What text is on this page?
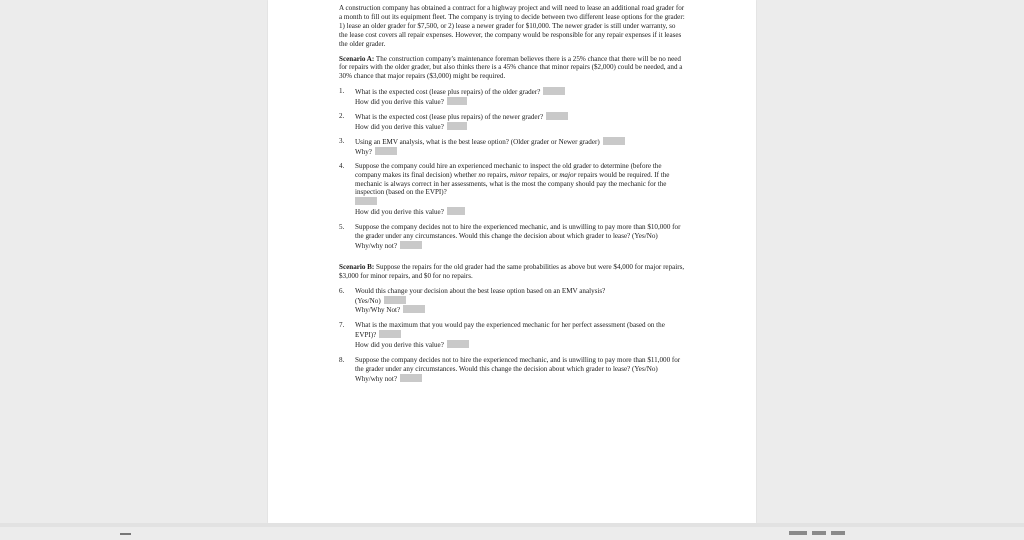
A construction company has obtained a contract for a highway project and will need to lease an additional road grader for a month to fill out its equipment fleet. The company is trying to decide between two different lease options for the grader: 1) lease an older grader for $7,500, or 2) lease a newer grader for $10,000. The newer grader is still under warranty, so the lease cost covers all repair expenses. However, the company would be responsible for any repair expenses if it leases the older grader.

Scenario A: The construction company's maintenance foreman believes there is a 25% chance that there will be no need for repairs with the older grader, but also thinks there is a 45% chance that minor repairs ($2,000) could be needed, and a 30% chance that major repairs ($3,000) might be required.

1. What is the expected cost (lease plus repairs) of the older grader?
How did you derive this value?
2. What is the expected cost (lease plus repairs) of the newer grader?
How did you derive this value?
3. Using an EMV analysis, what is the best lease option? (Older grader or Newer grader)
Why?
4. Suppose the company could hire an experienced mechanic to inspect the old grader to determine (before the company makes its final decision) whether no repairs, minor repairs, or major repairs would be required. If the mechanic is always correct in her assessments, what is the most the company should pay the mechanic for the inspection (based on the EVPI)?
How did you derive this value?
5. Suppose the company decides not to hire the experienced mechanic, and is unwilling to pay more than $10,000 for the grader under any circumstances. Would this change the decision about which grader to lease? (Yes/No)
Why/why not?

Scenario B: Suppose the repairs for the old grader had the same probabilities as above but were $4,000 for major repairs, $3,000 for minor repairs, and $0 for no repairs.

6. Would this change your decision about the best lease option based on an EMV analysis?
(Yes/No)
Why/Why Not?
7. What is the maximum that you would pay the experienced mechanic for her perfect assessment (based on the EVPI)?
How did you derive this value?
8. Suppose the company decides not to hire the experienced mechanic, and is unwilling to pay more than $11,000 for the grader under any circumstances. Would this change the decision about which grader to lease? (Yes/No)
Why/why not?
